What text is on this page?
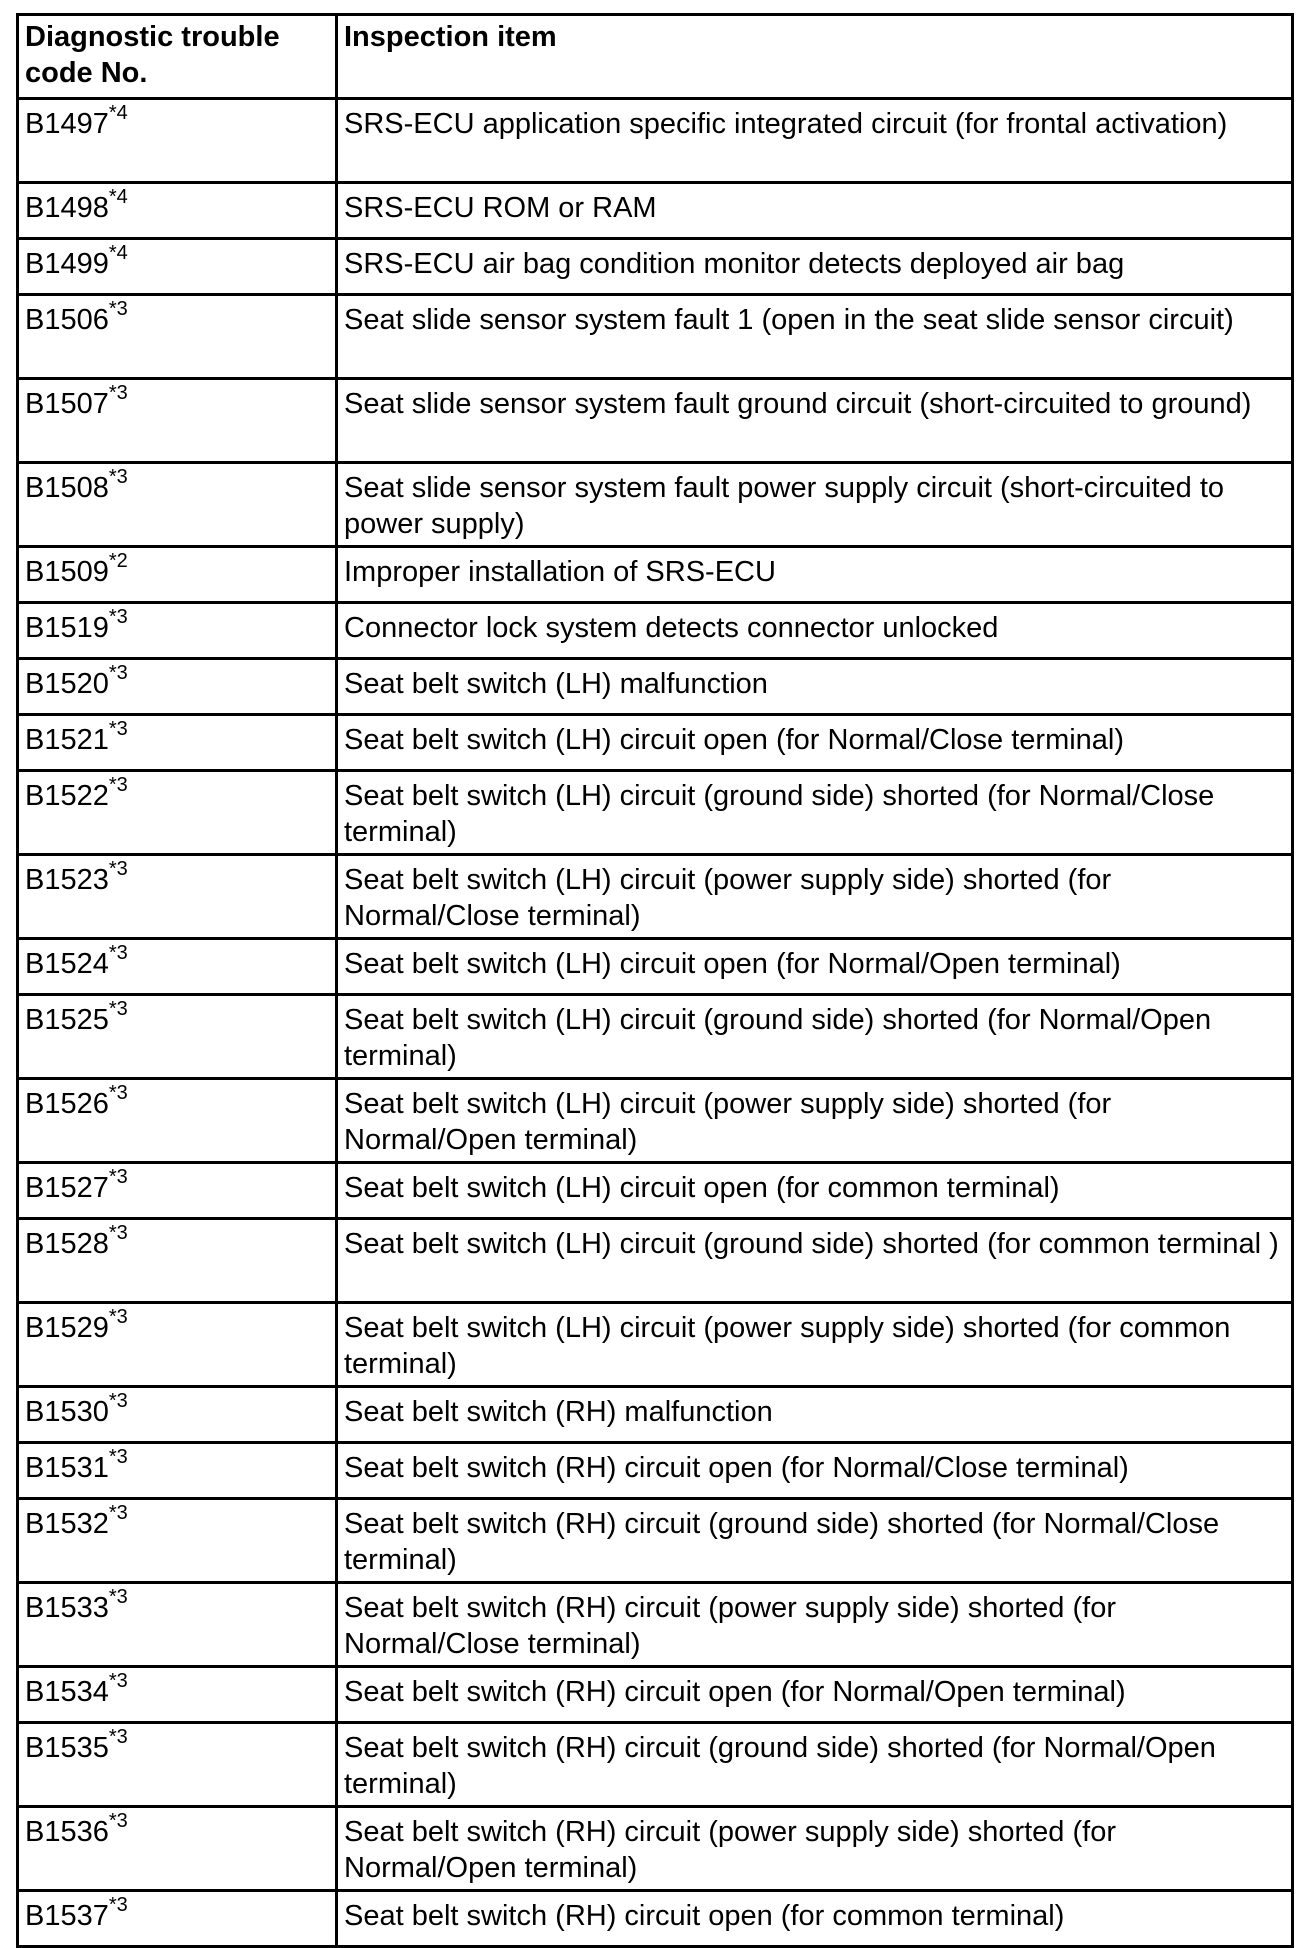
Diagnostic trouble code No.	Inspection item
B1497$^{*4}$	SRS-ECU application specific integrated circuit (for frontal activation)
B1498$^{*4}$	SRS-ECU ROM or RAM
B1499$^{*4}$	SRS-ECU air bag condition monitor detects deployed air bag
B1506$^{*3}$	Seat slide sensor system fault 1 (open in the seat slide sensor circuit)
B1507$^{*3}$	Seat slide sensor system fault ground circuit (short-circuited to ground)
B1508$^{*3}$	Seat slide sensor system fault power supply circuit (short-circuited to power supply)
B1509$^{*2}$	Improper installation of SRS-ECU
B1519$^{*3}$	Connector lock system detects connector unlocked
B1520$^{*3}$	Seat belt switch (LH) malfunction
B1521$^{*3}$	Seat belt switch (LH) circuit open (for Normal/Close terminal)
B1522$^{*3}$	Seat belt switch (LH) circuit (ground side) shorted (for Normal/Close terminal)
B1523$^{*3}$	Seat belt switch (LH) circuit (power supply side) shorted (for Normal/Close terminal)
B1524$^{*3}$	Seat belt switch (LH) circuit open (for Normal/Open terminal)
B1525$^{*3}$	Seat belt switch (LH) circuit (ground side) shorted (for Normal/Open terminal)
B1526$^{*3}$	Seat belt switch (LH) circuit (power supply side) shorted (for Normal/Open terminal)
B1527$^{*3}$	Seat belt switch (LH) circuit open (for common terminal)
B1528$^{*3}$	Seat belt switch (LH) circuit (ground side) shorted (for common terminal )
B1529$^{*3}$	Seat belt switch (LH) circuit (power supply side) shorted (for common terminal)
B1530$^{*3}$	Seat belt switch (RH) malfunction
B1531$^{*3}$	Seat belt switch (RH) circuit open (for Normal/Close terminal)
B1532$^{*3}$	Seat belt switch (RH) circuit (ground side) shorted (for Normal/Close terminal)
B1533$^{*3}$	Seat belt switch (RH) circuit (power supply side) shorted (for Normal/Close terminal)
B1534$^{*3}$	Seat belt switch (RH) circuit open (for Normal/Open terminal)
B1535$^{*3}$	Seat belt switch (RH) circuit (ground side) shorted (for Normal/Open terminal)
B1536$^{*3}$	Seat belt switch (RH) circuit (power supply side) shorted (for Normal/Open terminal)
B1537$^{*3}$	Seat belt switch (RH) circuit open (for common terminal)
